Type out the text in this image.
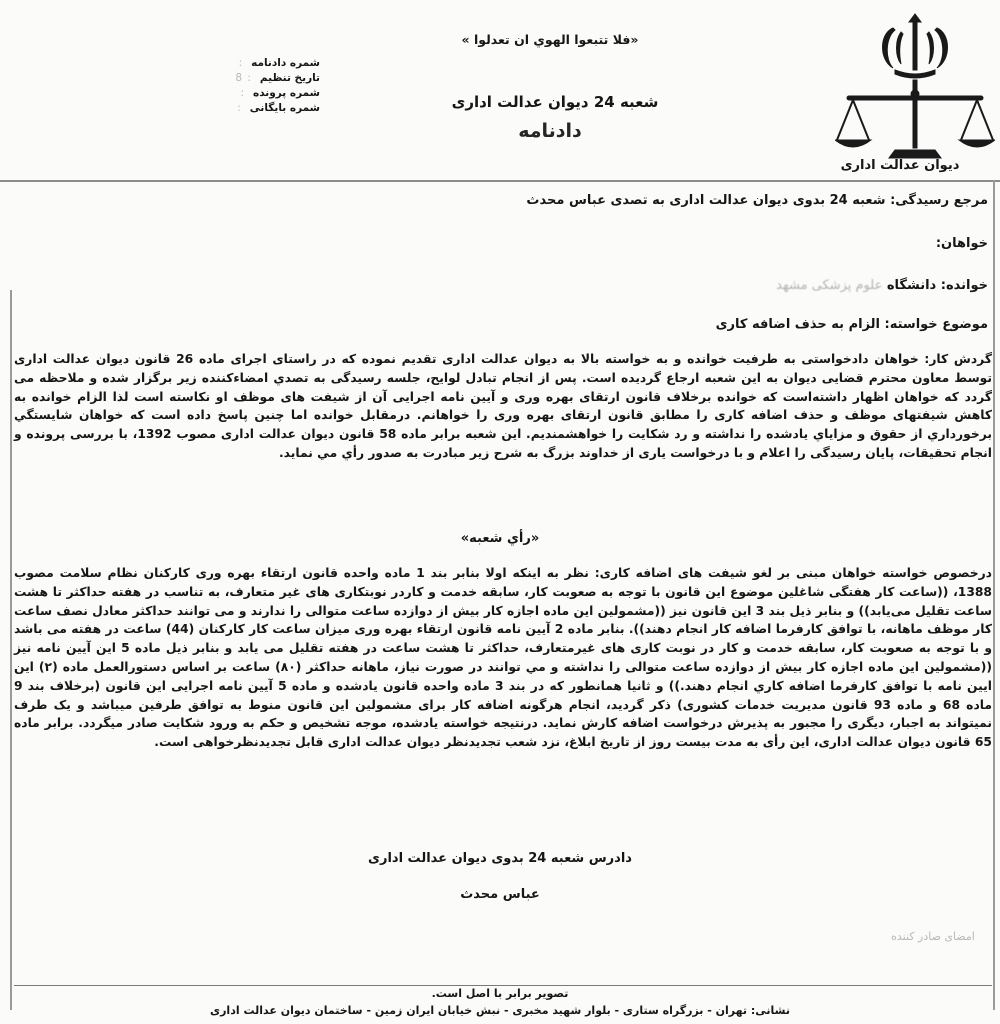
دیوان عدالت اداری
«فلا تتبعوا الهوي ان تعدلوا »
شعبه 24 دیوان عدالت اداری
دادنامه
شمره دادنامه
:
تاریخ تنظیم
: 8
شمره پرونده
:
شمره بایگانی
:
مرجع رسیدگی: شعبه 24 بدوی دیوان عدالت اداری به تصدی عباس محدث
خواهان:
خوانده: دانشگاه علوم پزشکی مشهد
موضوع خواسته: الزام به حذف اضافه کاری
گردش کار: خواهان دادخواستی به طرفیت خوانده و به خواسته بالا به دیوان عدالت اداری تقدیم نموده که در راستای اجرای ماده 26 قانون دیوان عدالت اداری توسط معاون محترم قضایی دیوان به این شعبه ارجاع گردیده است. پس از انجام تبادل لوایح، جلسه رسیدگی به تصدي امضاءکننده زیر برگزار شده و ملاحظه می گردد که خواهان اظهار داشته‌است که خوانده برخلاف قانون ارتقای بهره وری و آیین نامه اجرایی آن از شیفت های موظف او نکاسته است لذا الزام خوانده به کاهش شیفتهای موظف و حذف اضافه کاری را مطابق قانون ارتقای بهره وری را خواهانم. درمقابل خوانده اما چنین پاسخ داده است که خواهان شایستگي برخورداري از حقوق و مزایاي یادشده را نداشته و رد شکایت را خواهشمندیم. این شعبه برابر ماده 58 قانون دیوان عدالت اداری مصوب 1392، با بررسی پرونده و انجام تحقیقات، پایان رسیدگی را اعلام و با درخواست یاری از خداوند بزرگ به شرح زیر مبادرت به صدور رأي مي نماید.
«رأي شعبه»
درخصوص خواسته خواهان مبنی بر لغو شیفت های اضافه کاری: نظر به اینکه اولا بنابر بند 1 ماده واحده قانون ارتقاء بهره وری کارکنان نظام سلامت مصوب 1388، ((ساعت کار هفتگی شاغلین موضوع این قانون با توجه به صعوبت کار، سابقه خدمت و کاردر نوبتکاری های غیر متعارف، به تناسب در هفته حداکثر تا هشت ساعت تقلیل می‌یابد)) و بنابر ذیل بند 3 این قانون نیز ((مشمولین این ماده اجازه کار بیش از دوازده ساعت متوالی را ندارند و می توانند حداکثر معادل نصف ساعت کار موظف ماهانه، با توافق کارفرما اضافه کار انجام دهند)). بنابر ماده 2 آیین نامه قانون ارتقاء بهره وری میزان ساعت کار کارکنان (44) ساعت در هفته می باشد و با توجه به صعوبت کار، سابقه خدمت و کار در نوبت کاری های غیرمتعارف، حداکثر تا هشت ساعت در هفته تقلیل می یابد و بنابر ذیل ماده 5 این آیین نامه نیز ((مشمولین این ماده اجازه کار بیش از دوازده ساعت متوالی را نداشته و مي توانند در صورت نیاز، ماهانه حداکثر (۸۰) ساعت بر اساس دستورالعمل ماده (۲) این ایین نامه با توافق کارفرما اضافه کاري انجام دهند.)) و ثانیا همانطور که در بند 3 ماده واحده قانون یادشده و ماده 5 آیین نامه اجرایی این قانون (برخلاف بند 9 ماده 68 و ماده 93 قانون مدیریت خدمات کشوری) ذکر گردید، انجام هرگونه اضافه کار برای مشمولین این قانون منوط به توافق طرفین میباشد و یک طرف نمیتواند به اجبار، دیگری را مجبور به پذیرش درخواست اضافه کارش نماید. درنتیجه خواسته یادشده، موجه تشخیص و حکم به ورود شکایت صادر میگردد. برابر ماده 65 قانون دیوان عدالت اداری، این رأی به مدت بیست روز از تاریخ ابلاغ، نزد شعب تجدیدنظر دیوان عدالت اداری قابل تجدیدنظرخواهی است.
دادرس شعبه 24 بدوی دیوان عدالت اداری
عباس محدث
امضای صادر کننده
تصویر برابر با اصل است.
نشانی: تهران - بزرگراه ستاری - بلوار شهید مخبری - نبش خیابان ایران زمین - ساختمان دیوان عدالت اداری
